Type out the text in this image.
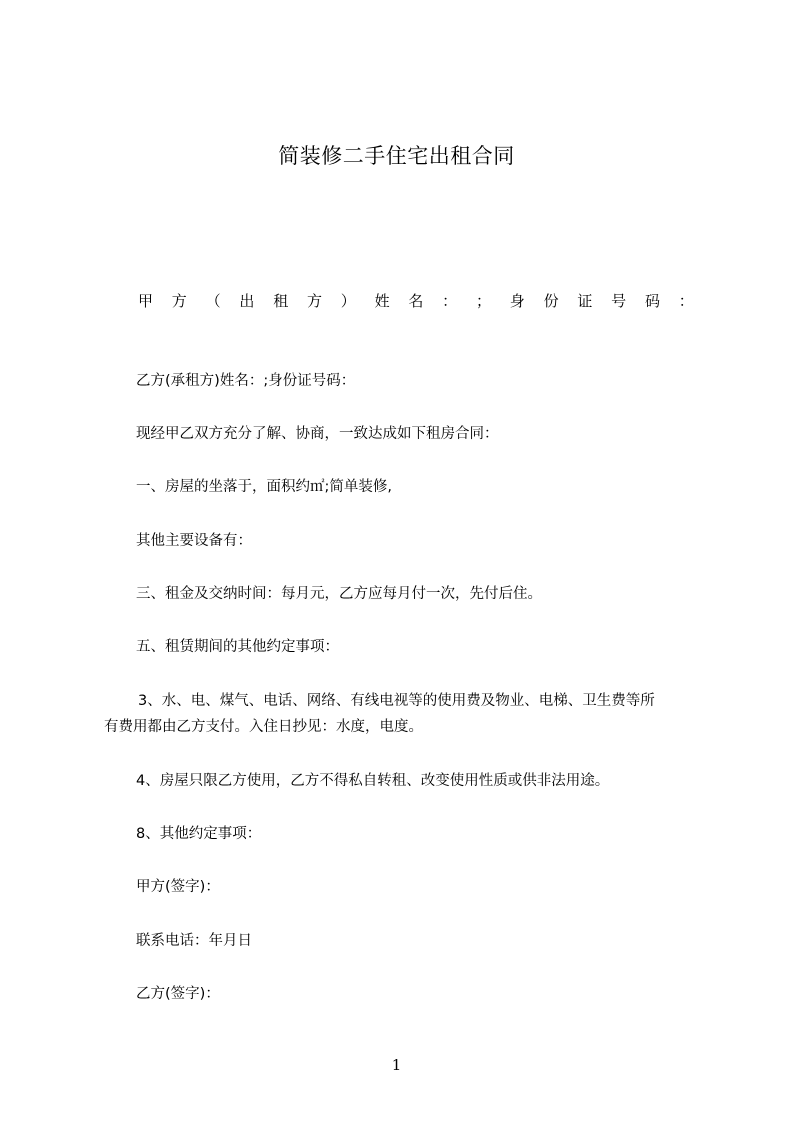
简装修二手住宅出租合同
甲 方 （ 出 租 方 ） 姓 名 ： ； 身 份 证 号 码 ：
乙方(承租方)姓名：;身份证号码：
现经甲乙双方充分了解、协商，一致达成如下租房合同：
一、房屋的坐落于，面积约㎡;简单装修,
其他主要设备有：
三、租金及交纳时间：每月元，乙方应每月付一次，先付后住。
五、租赁期间的其他约定事项：
3、水、电、煤气、电话、网络、有线电视等的使用费及物业、电梯、卫生费等所
有费用都由乙方支付。入住日抄见：水度，电度。
4、房屋只限乙方使用，乙方不得私自转租、改变使用性质或供非法用途。
8、其他约定事项：
甲方(签字)：
联系电话：年月日
乙方(签字)：
1
